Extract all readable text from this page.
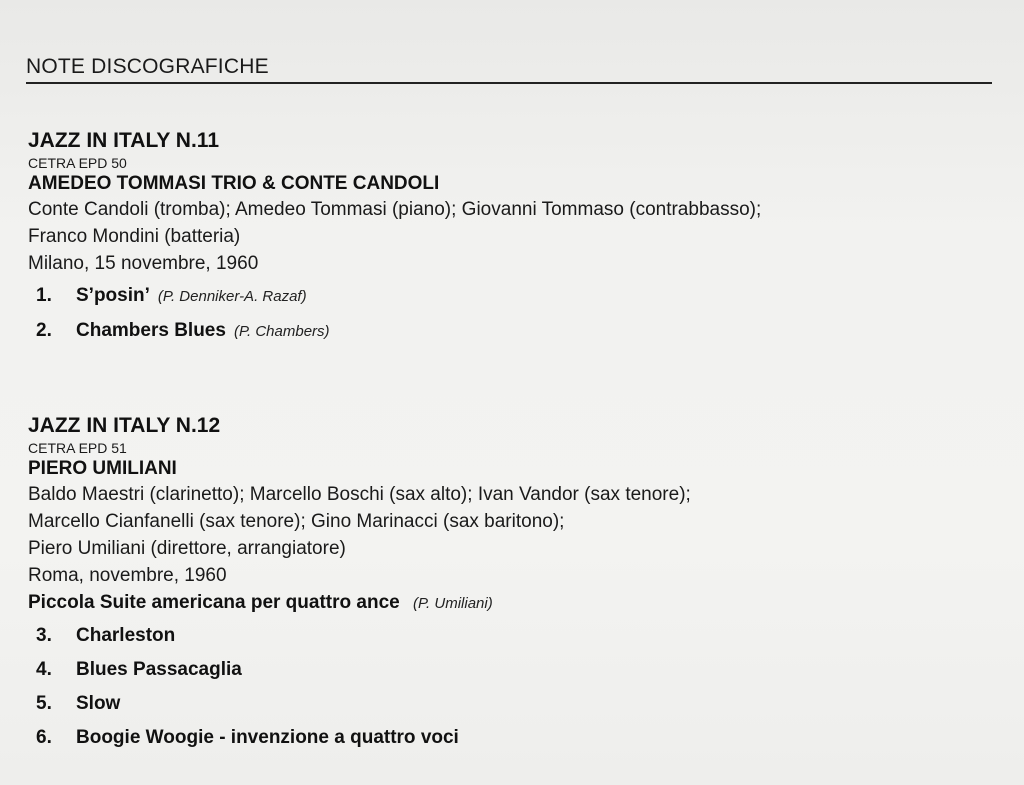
NOTE DISCOGRAFICHE
JAZZ IN ITALY N.11
CETRA EPD 50
AMEDEO TOMMASI TRIO & CONTE CANDOLI
Conte Candoli (tromba); Amedeo Tommasi (piano); Giovanni Tommaso (contrabbasso);
Franco Mondini (batteria)
Milano, 15 novembre, 1960
1.	S’posin’ (P. Denniker-A. Razaf)
2.	Chambers Blues (P. Chambers)
JAZZ IN ITALY N.12
CETRA EPD 51
PIERO UMILIANI
Baldo Maestri (clarinetto); Marcello Boschi (sax alto); Ivan Vandor (sax tenore);
Marcello Cianfanelli (sax tenore); Gino Marinacci (sax baritono);
Piero Umiliani (direttore, arrangiatore)
Roma, novembre, 1960
Piccola Suite americana per quattro ance (P. Umiliani)
3.	Charleston
4.	Blues Passacaglia
5.	Slow
6.	Boogie Woogie - invenzione a quattro voci
